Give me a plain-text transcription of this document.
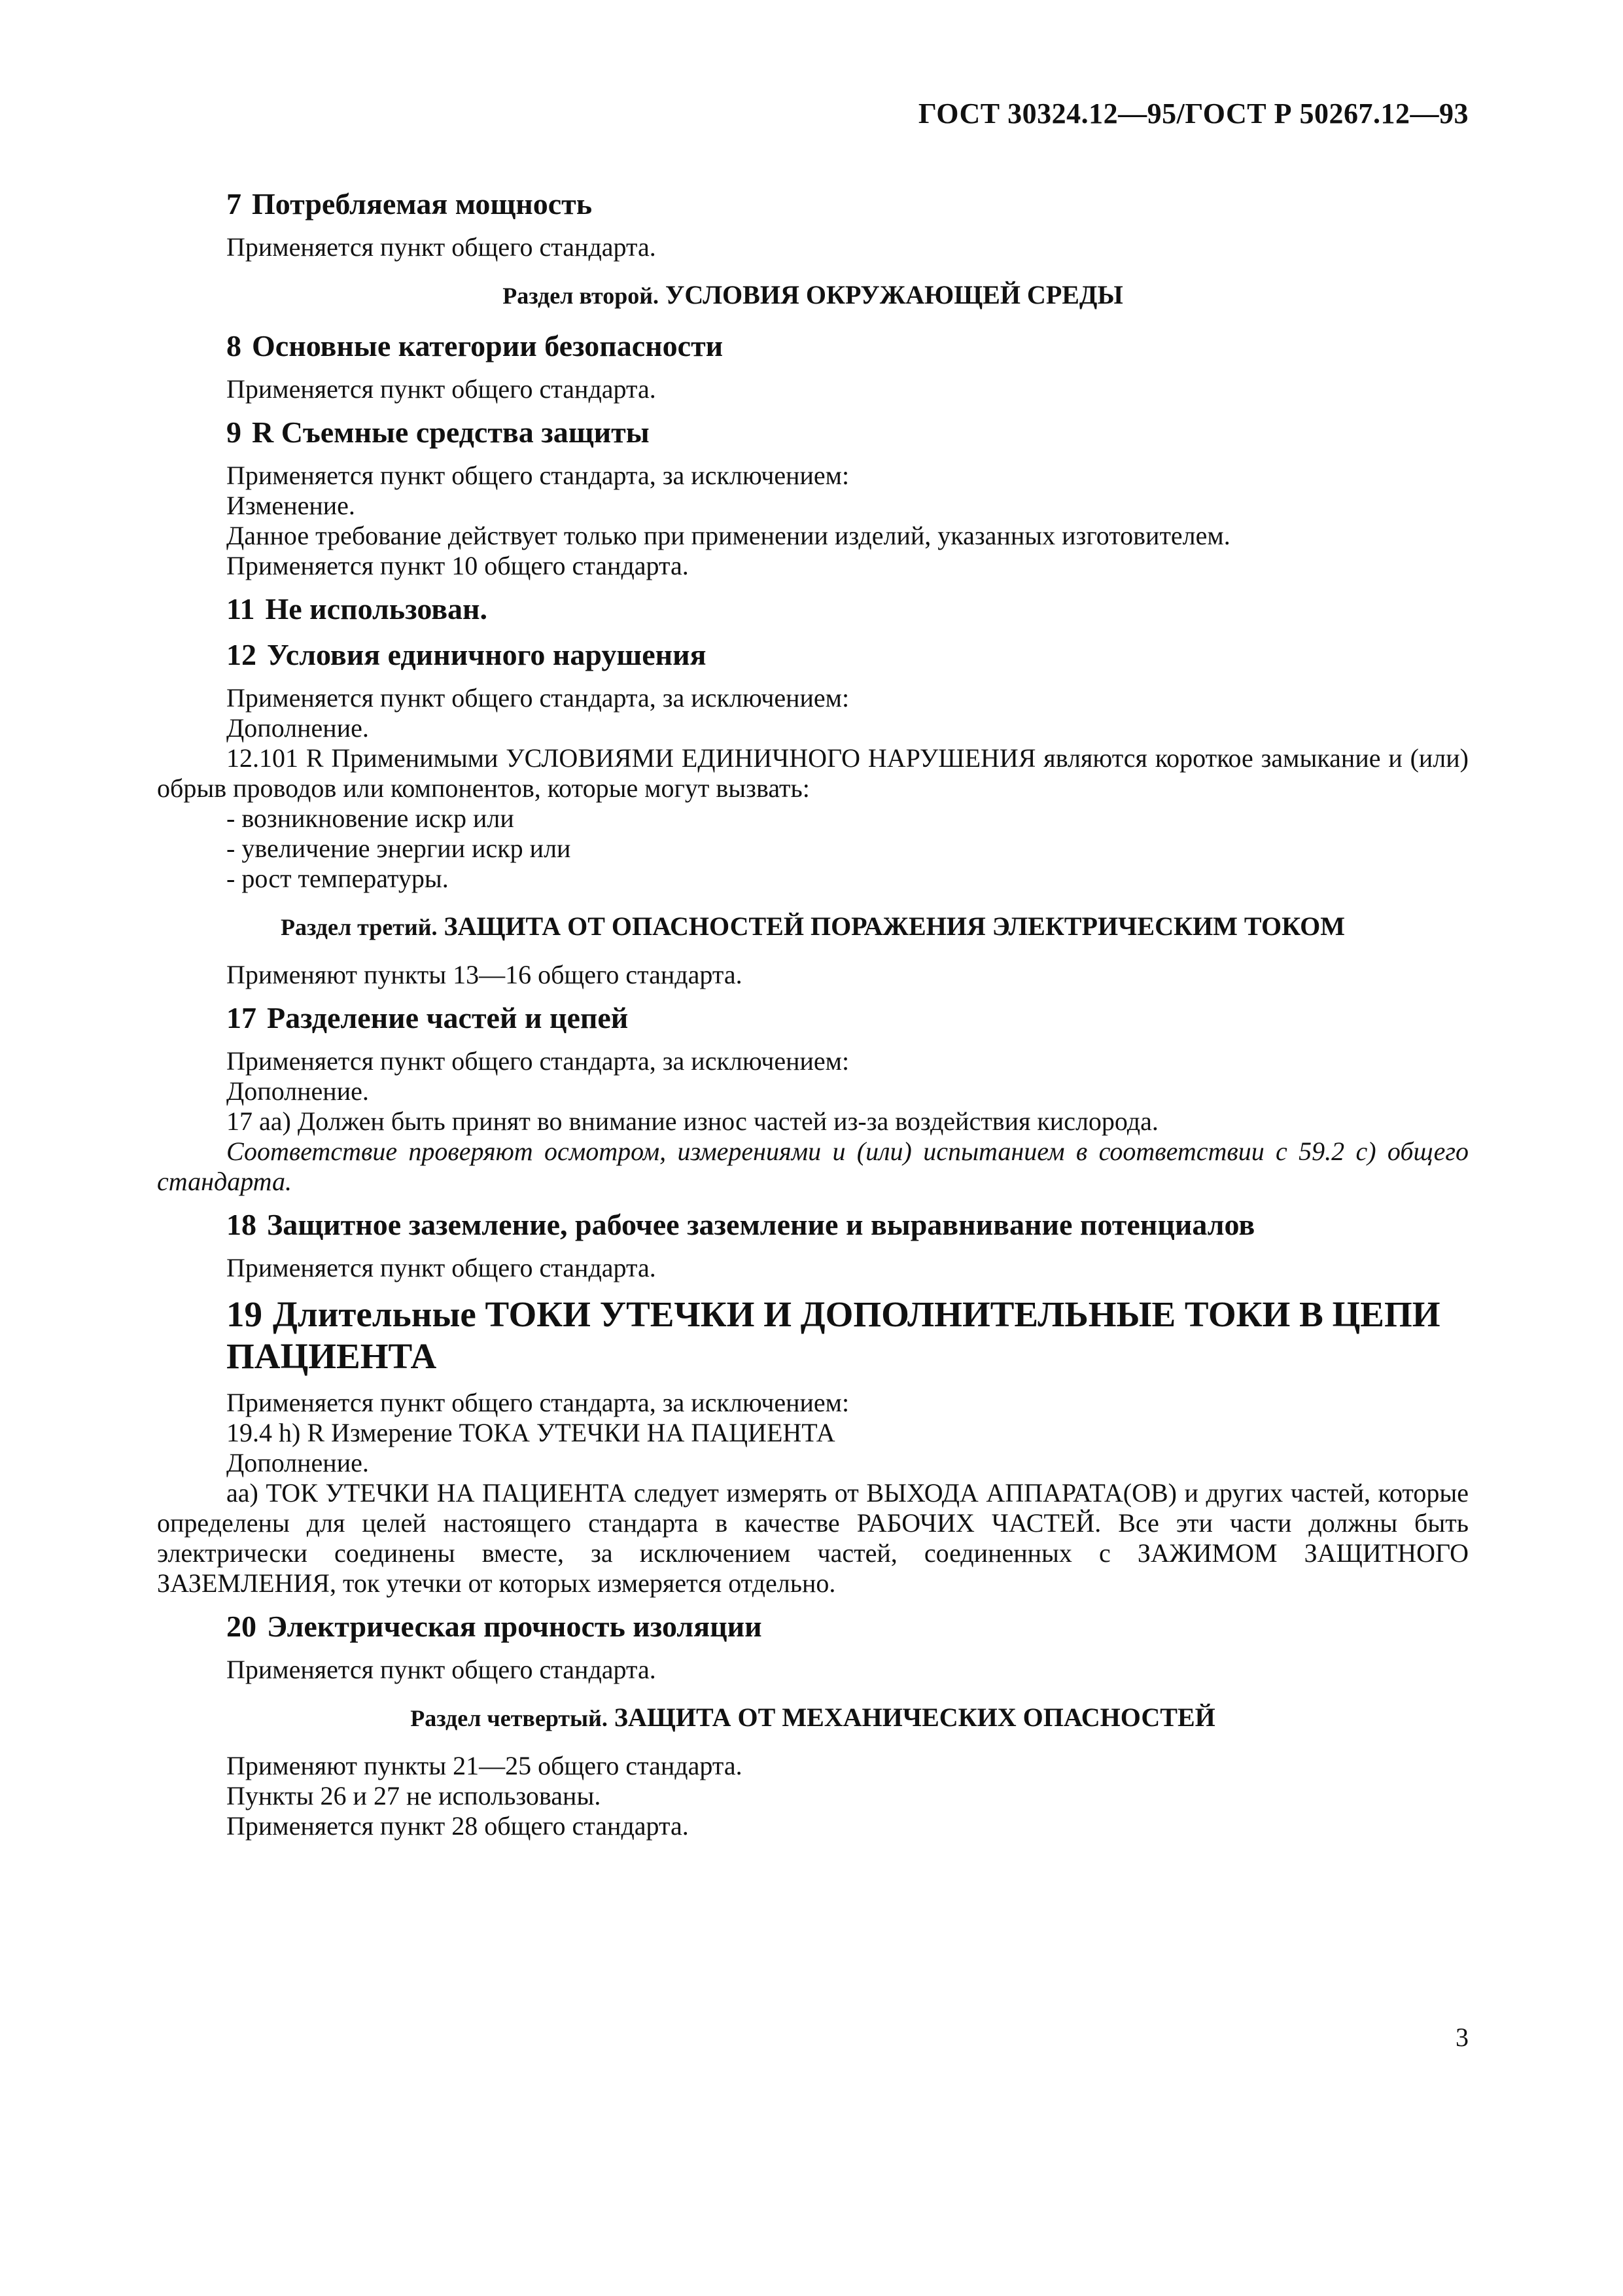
ГОСТ 30324.12—95/ГОСТ Р 50267.12—93
7 Потребляемая мощность

Применяется пункт общего стандарта.

Раздел второй. УСЛОВИЯ ОКРУЖАЮЩЕЙ СРЕДЫ

8 Основные категории безопасности

Применяется пункт общего стандарта.

9 R Съемные средства защиты

Применяется пункт общего стандарта, за исключением:

Изменение.

Данное требование действует только при применении изделий, указанных изготовителем.

Применяется пункт 10 общего стандарта.

11 Не использован.
12 Условия единичного нарушения

Применяется пункт общего стандарта, за исключением:

Дополнение.

12.101 R Применимыми УСЛОВИЯМИ ЕДИНИЧНОГО НАРУШЕНИЯ являются короткое замыкание и (или) обрыв проводов или компонентов, которые могут вызвать:

- возникновение искр или

- увеличение энергии искр или

- рост температуры.

Раздел третий. ЗАЩИТА ОТ ОПАСНОСТЕЙ ПОРАЖЕНИЯ ЭЛЕКТРИЧЕСКИМ ТОКОМ

Применяют пункты 13—16 общего стандарта.

17 Разделение частей и цепей

Применяется пункт общего стандарта, за исключением:

Дополнение.

17 аа) Должен быть принят во внимание износ частей из-за воздействия кислорода.

Соответствие проверяют осмотром, измерениями и (или) испытанием в соответствии с 59.2 с) общего стандарта.

18 Защитное заземление, рабочее заземление и выравнивание потенциалов

Применяется пункт общего стандарта.

19 Длительные ТОКИ УТЕЧКИ И ДОПОЛНИТЕЛЬНЫЕ ТОКИ В ЦЕПИ ПАЦИЕНТА

Применяется пункт общего стандарта, за исключением:

19.4 h) R Измерение ТОКА УТЕЧКИ НА ПАЦИЕНТА

Дополнение.

аа) ТОК УТЕЧКИ НА ПАЦИЕНТА следует измерять от ВЫХОДА АППАРАТА(ОВ) и других частей, которые определены для целей настоящего стандарта в качестве РАБОЧИХ ЧАСТЕЙ. Все эти части должны быть электрически соединены вместе, за исключением частей, соединенных с ЗАЖИМОМ ЗАЩИТНОГО ЗАЗЕМЛЕНИЯ, ток утечки от которых измеряется отдельно.

20 Электрическая прочность изоляции

Применяется пункт общего стандарта.

Раздел четвертый. ЗАЩИТА ОТ МЕХАНИЧЕСКИХ ОПАСНОСТЕЙ

Применяют пункты 21—25 общего стандарта.

Пункты 26 и 27 не использованы.

Применяется пункт 28 общего стандарта.

3
